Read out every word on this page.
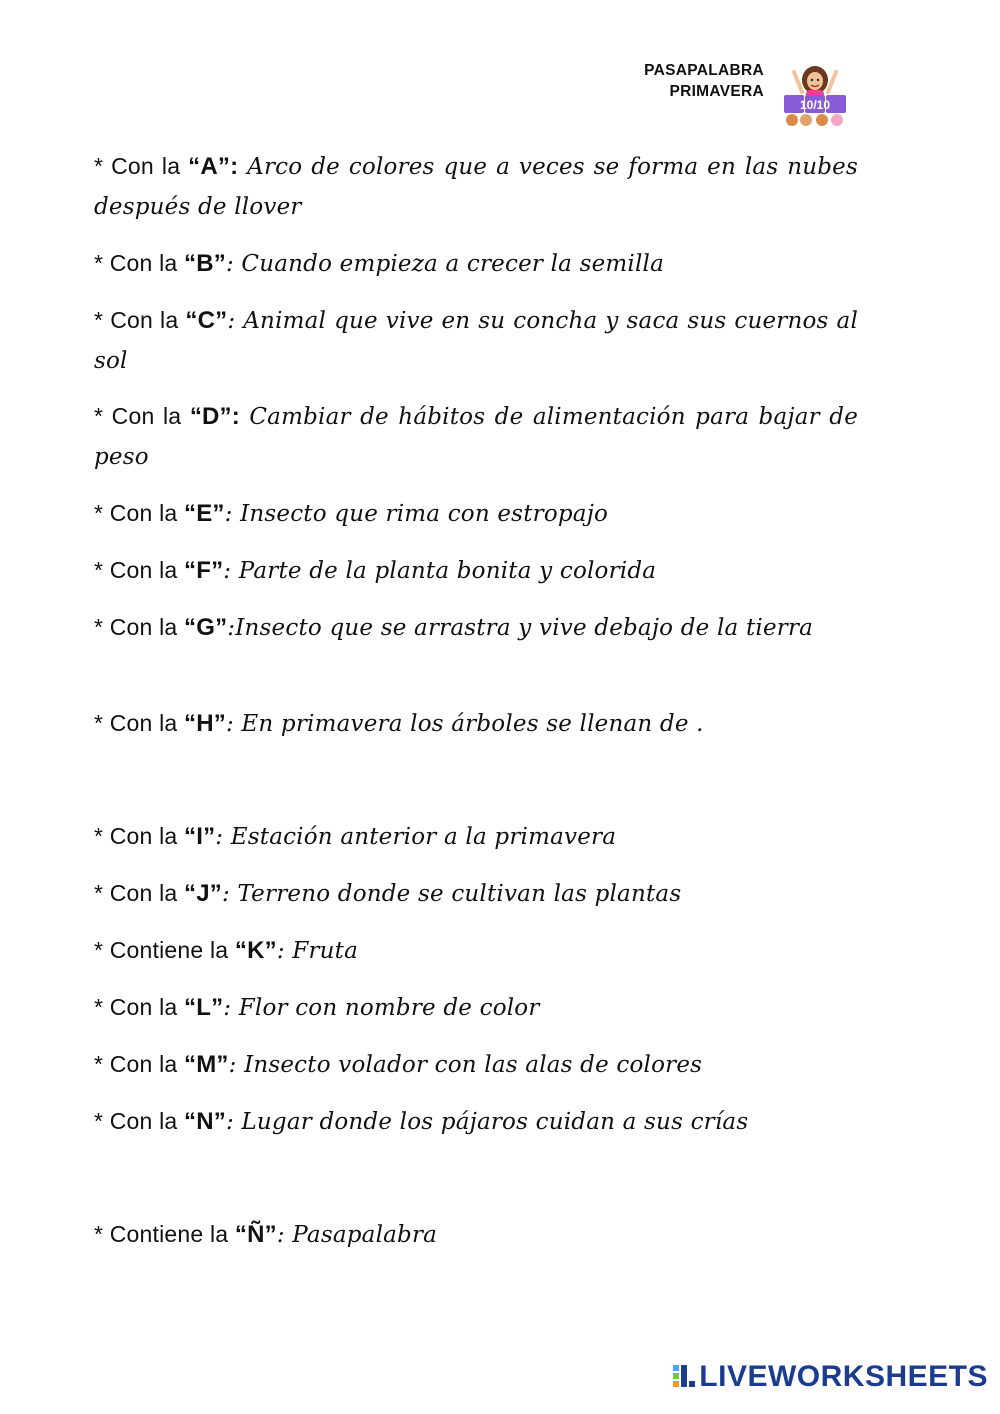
PASAPALABRA
PRIMAVERA
10/10
* Con la “A”: Arco de colores que a veces se forma en las nubes después de llover
* Con la “B”: Cuando empieza a crecer la semilla
* Con la “C”: Animal que vive en su concha y saca sus cuernos al sol
* Con la “D”: Cambiar de hábitos de alimentación para bajar de peso
* Con la “E”: Insecto que rima con estropajo
* Con la “F”: Parte de la planta bonita y colorida
* Con la “G”:Insecto que se arrastra y vive debajo de la tierra
* Con la “H”: En primavera los árboles se llenan de .
* Con la “I”: Estación anterior a la primavera
* Con la “J”: Terreno donde se cultivan las plantas
* Contiene la “K”: Fruta
* Con la “L”: Flor con nombre de color
* Con la “M”: Insecto volador con las alas de colores
* Con la “N”: Lugar donde los pájaros cuidan a sus crías
* Contiene la “Ñ”: Pasapalabra
LIVEWORKSHEETS
